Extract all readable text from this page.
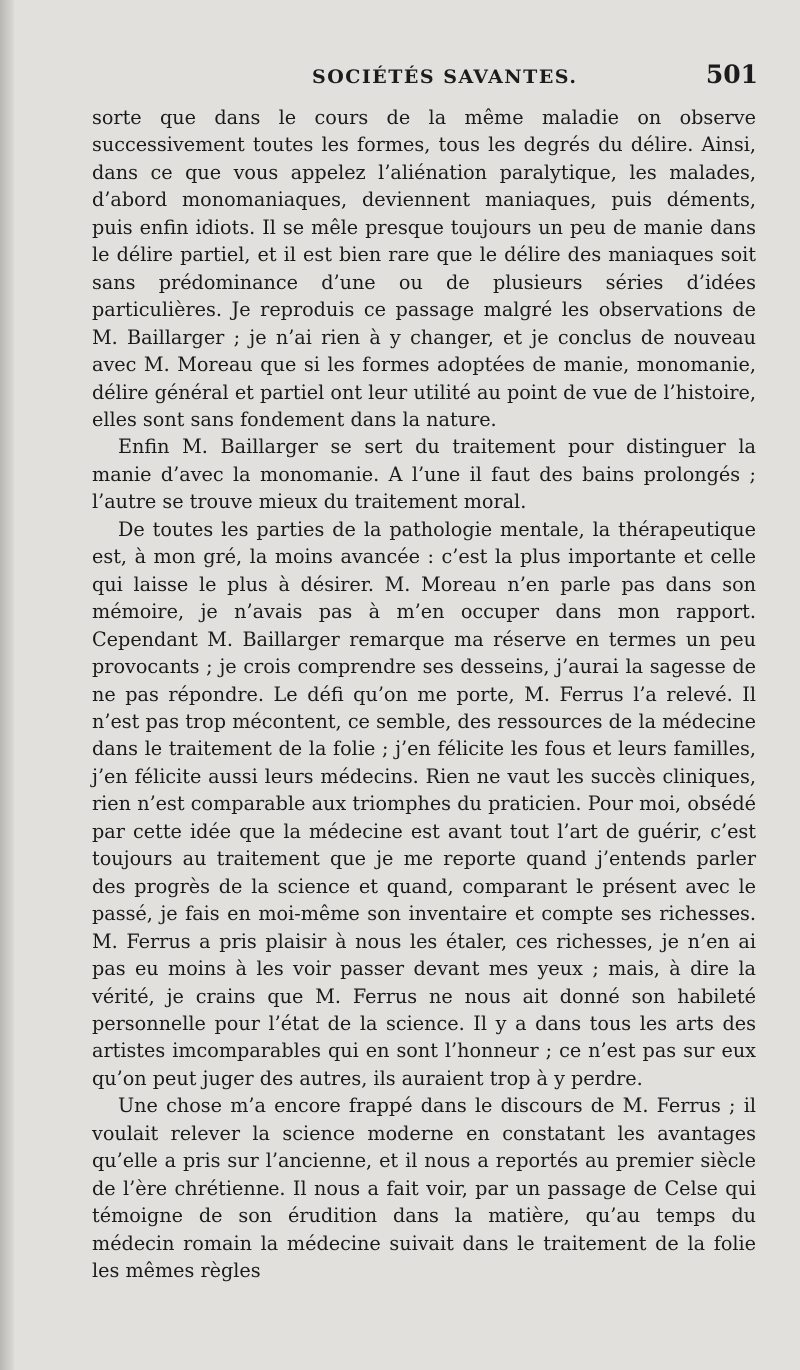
SOCIÉTÉS SAVANTES.	501

sorte que dans le cours de la même maladie on observe successivement toutes les formes, tous les degrés du délire. Ainsi, dans ce que vous appelez l’aliénation paralytique, les malades, d’abord monomaniaques, deviennent maniaques, puis déments, puis enfin idiots. Il se mêle presque toujours un peu de manie dans le délire partiel, et il est bien rare que le délire des maniaques soit sans prédominance d’une ou de plusieurs séries d’idées particulières. Je reproduis ce passage malgré les observations de M. Baillarger ; je n’ai rien à y changer, et je conclus de nouveau avec M. Moreau que si les formes adoptées de manie, monomanie, délire général et partiel ont leur utilité au point de vue de l’histoire, elles sont sans fondement dans la nature.

Enfin M. Baillarger se sert du traitement pour distinguer la manie d’avec la monomanie. A l’une il faut des bains prolongés ; l’autre se trouve mieux du traitement moral.

De toutes les parties de la pathologie mentale, la thérapeutique est, à mon gré, la moins avancée : c’est la plus importante et celle qui laisse le plus à désirer. M. Moreau n’en parle pas dans son mémoire, je n’avais pas à m’en occuper dans mon rapport. Cependant M. Baillarger remarque ma réserve en termes un peu provocants ; je crois comprendre ses desseins, j’aurai la sagesse de ne pas répondre. Le défi qu’on me porte, M. Ferrus l’a relevé. Il n’est pas trop mécontent, ce semble, des ressources de la médecine dans le traitement de la folie ; j’en félicite les fous et leurs familles, j’en félicite aussi leurs médecins. Rien ne vaut les succès cliniques, rien n’est comparable aux triomphes du praticien. Pour moi, obsédé par cette idée que la médecine est avant tout l’art de guérir, c’est toujours au traitement que je me reporte quand j’entends parler des progrès de la science et quand, comparant le présent avec le passé, je fais en moi-même son inventaire et compte ses richesses. M. Ferrus a pris plaisir à nous les étaler, ces richesses, je n’en ai pas eu moins à les voir passer devant mes yeux ; mais, à dire la vérité, je crains que M. Ferrus ne nous ait donné son habileté personnelle pour l’état de la science. Il y a dans tous les arts des artistes imcomparables qui en sont l’honneur ; ce n’est pas sur eux qu’on peut juger des autres, ils auraient trop à y perdre.

Une chose m’a encore frappé dans le discours de M. Ferrus ; il voulait relever la science moderne en constatant les avantages qu’elle a pris sur l’ancienne, et il nous a reportés au premier siècle de l’ère chrétienne. Il nous a fait voir, par un passage de Celse qui témoigne de son érudition dans la matière, qu’au temps du médecin romain la médecine suivait dans le traitement de la folie les mêmes règles
